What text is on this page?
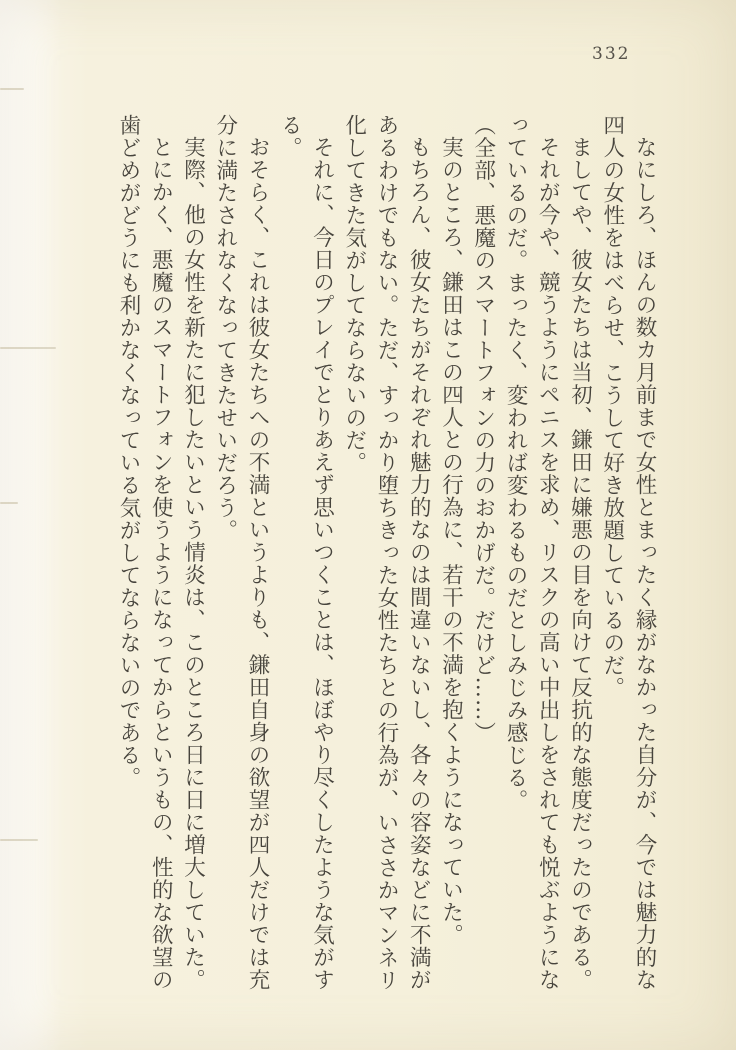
332

なにしろ、ほんの数カ月前まで女性とまったく縁がなかった自分が、今では魅力的な四人の女性をはべらせ、こうして好き放題しているのだ。

ましてや、彼女たちは当初、鎌田に嫌悪の目を向けて反抗的な態度だったのである。

それが今や、競うようにペニスを求め、リスクの高い中出しをされても悦ぶようになっているのだ。まったく、変われば変わるものだとしみじみ感じる。

（全部、悪魔のスマートフォンの力のおかげだ。だけど……）

実のところ、鎌田はこの四人との行為に、若干の不満を抱くようになっていた。

もちろん、彼女たちがそれぞれ魅力的なのは間違いないし、各々の容姿などに不満があるわけでもない。ただ、すっかり堕ちきった女性たちとの行為が、いささかマンネリ化してきた気がしてならないのだ。

それに、今日のプレイでとりあえず思いつくことは、ほぼやり尽くしたような気がする。

おそらく、これは彼女たちへの不満というよりも、鎌田自身の欲望が四人だけでは充分に満たされなくなってきたせいだろう。

実際、他の女性を新たに犯したいという情炎は、このところ日に日に増大していた。

とにかく、悪魔のスマートフォンを使うようになってからというもの、性的な欲望の歯どめがどうにも利かなくなっている気がしてならないのである。
